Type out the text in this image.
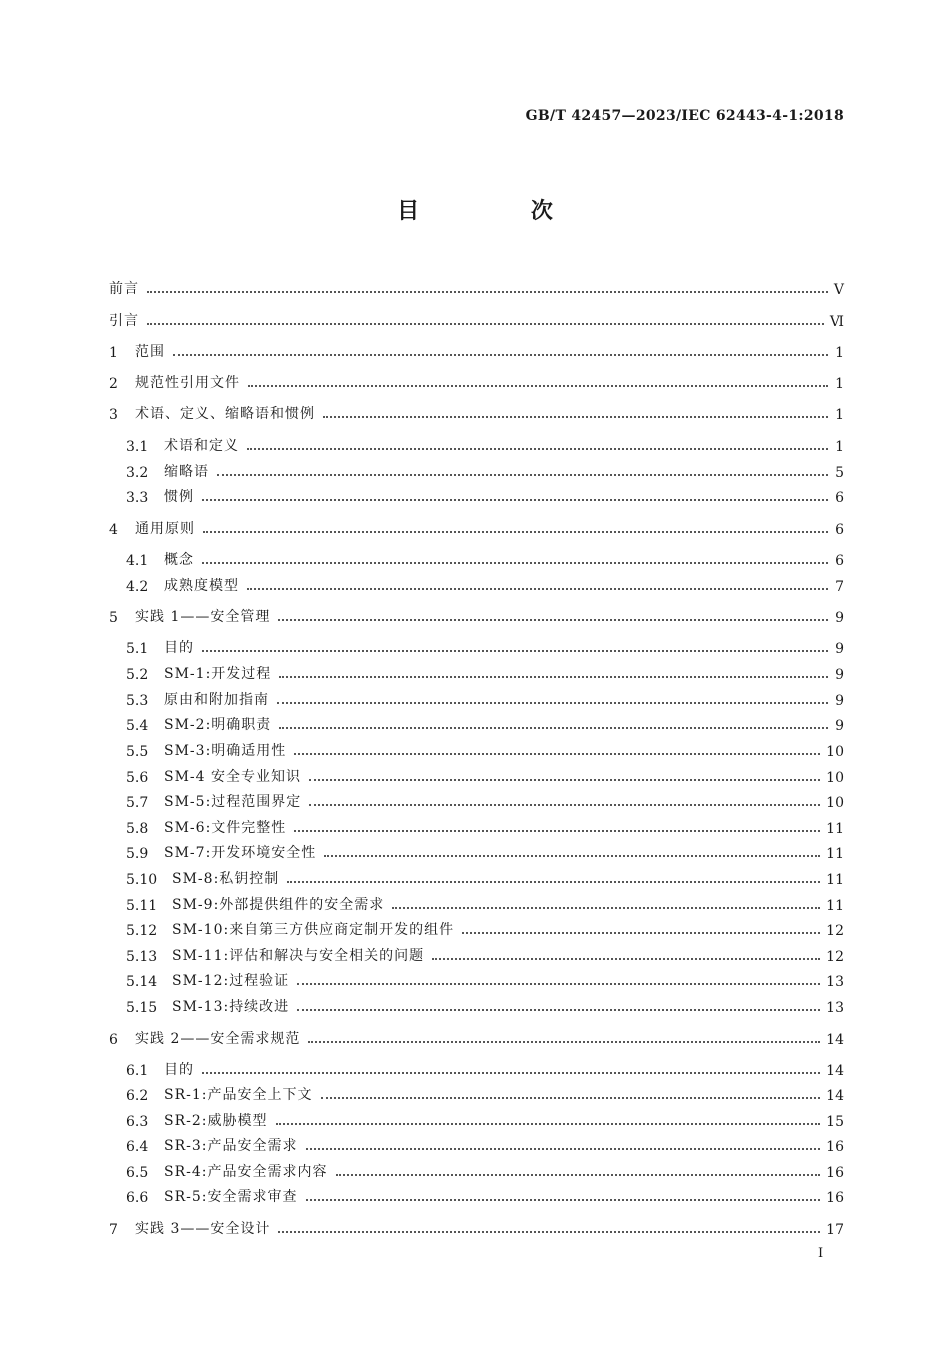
GB/T 42457—2023/IEC 62443-4-1:2018
目 次
前言	Ⅴ
引言	Ⅵ
1	范围	1
2	规范性引用文件	1
3	术语、定义、缩略语和惯例	1
3.1	术语和定义	1
3.2	缩略语	5
3.3	惯例	6
4	通用原则	6
4.1	概念	6
4.2	成熟度模型	7
5	实践 1——安全管理	9
5.1	目的	9
5.2	SM-1:开发过程	9
5.3	原由和附加指南	9
5.4	SM-2:明确职责	9
5.5	SM-3:明确适用性	10
5.6	SM-4 安全专业知识	10
5.7	SM-5:过程范围界定	10
5.8	SM-6:文件完整性	11
5.9	SM-7:开发环境安全性	11
5.10	SM-8:私钥控制	11
5.11	SM-9:外部提供组件的安全需求	11
5.12	SM-10:来自第三方供应商定制开发的组件	12
5.13	SM-11:评估和解决与安全相关的问题	12
5.14	SM-12:过程验证	13
5.15	SM-13:持续改进	13
6	实践 2——安全需求规范	14
6.1	目的	14
6.2	SR-1:产品安全上下文	14
6.3	SR-2:威胁模型	15
6.4	SR-3:产品安全需求	16
6.5	SR-4:产品安全需求内容	16
6.6	SR-5:安全需求审查	16
7	实践 3——安全设计	17
I
